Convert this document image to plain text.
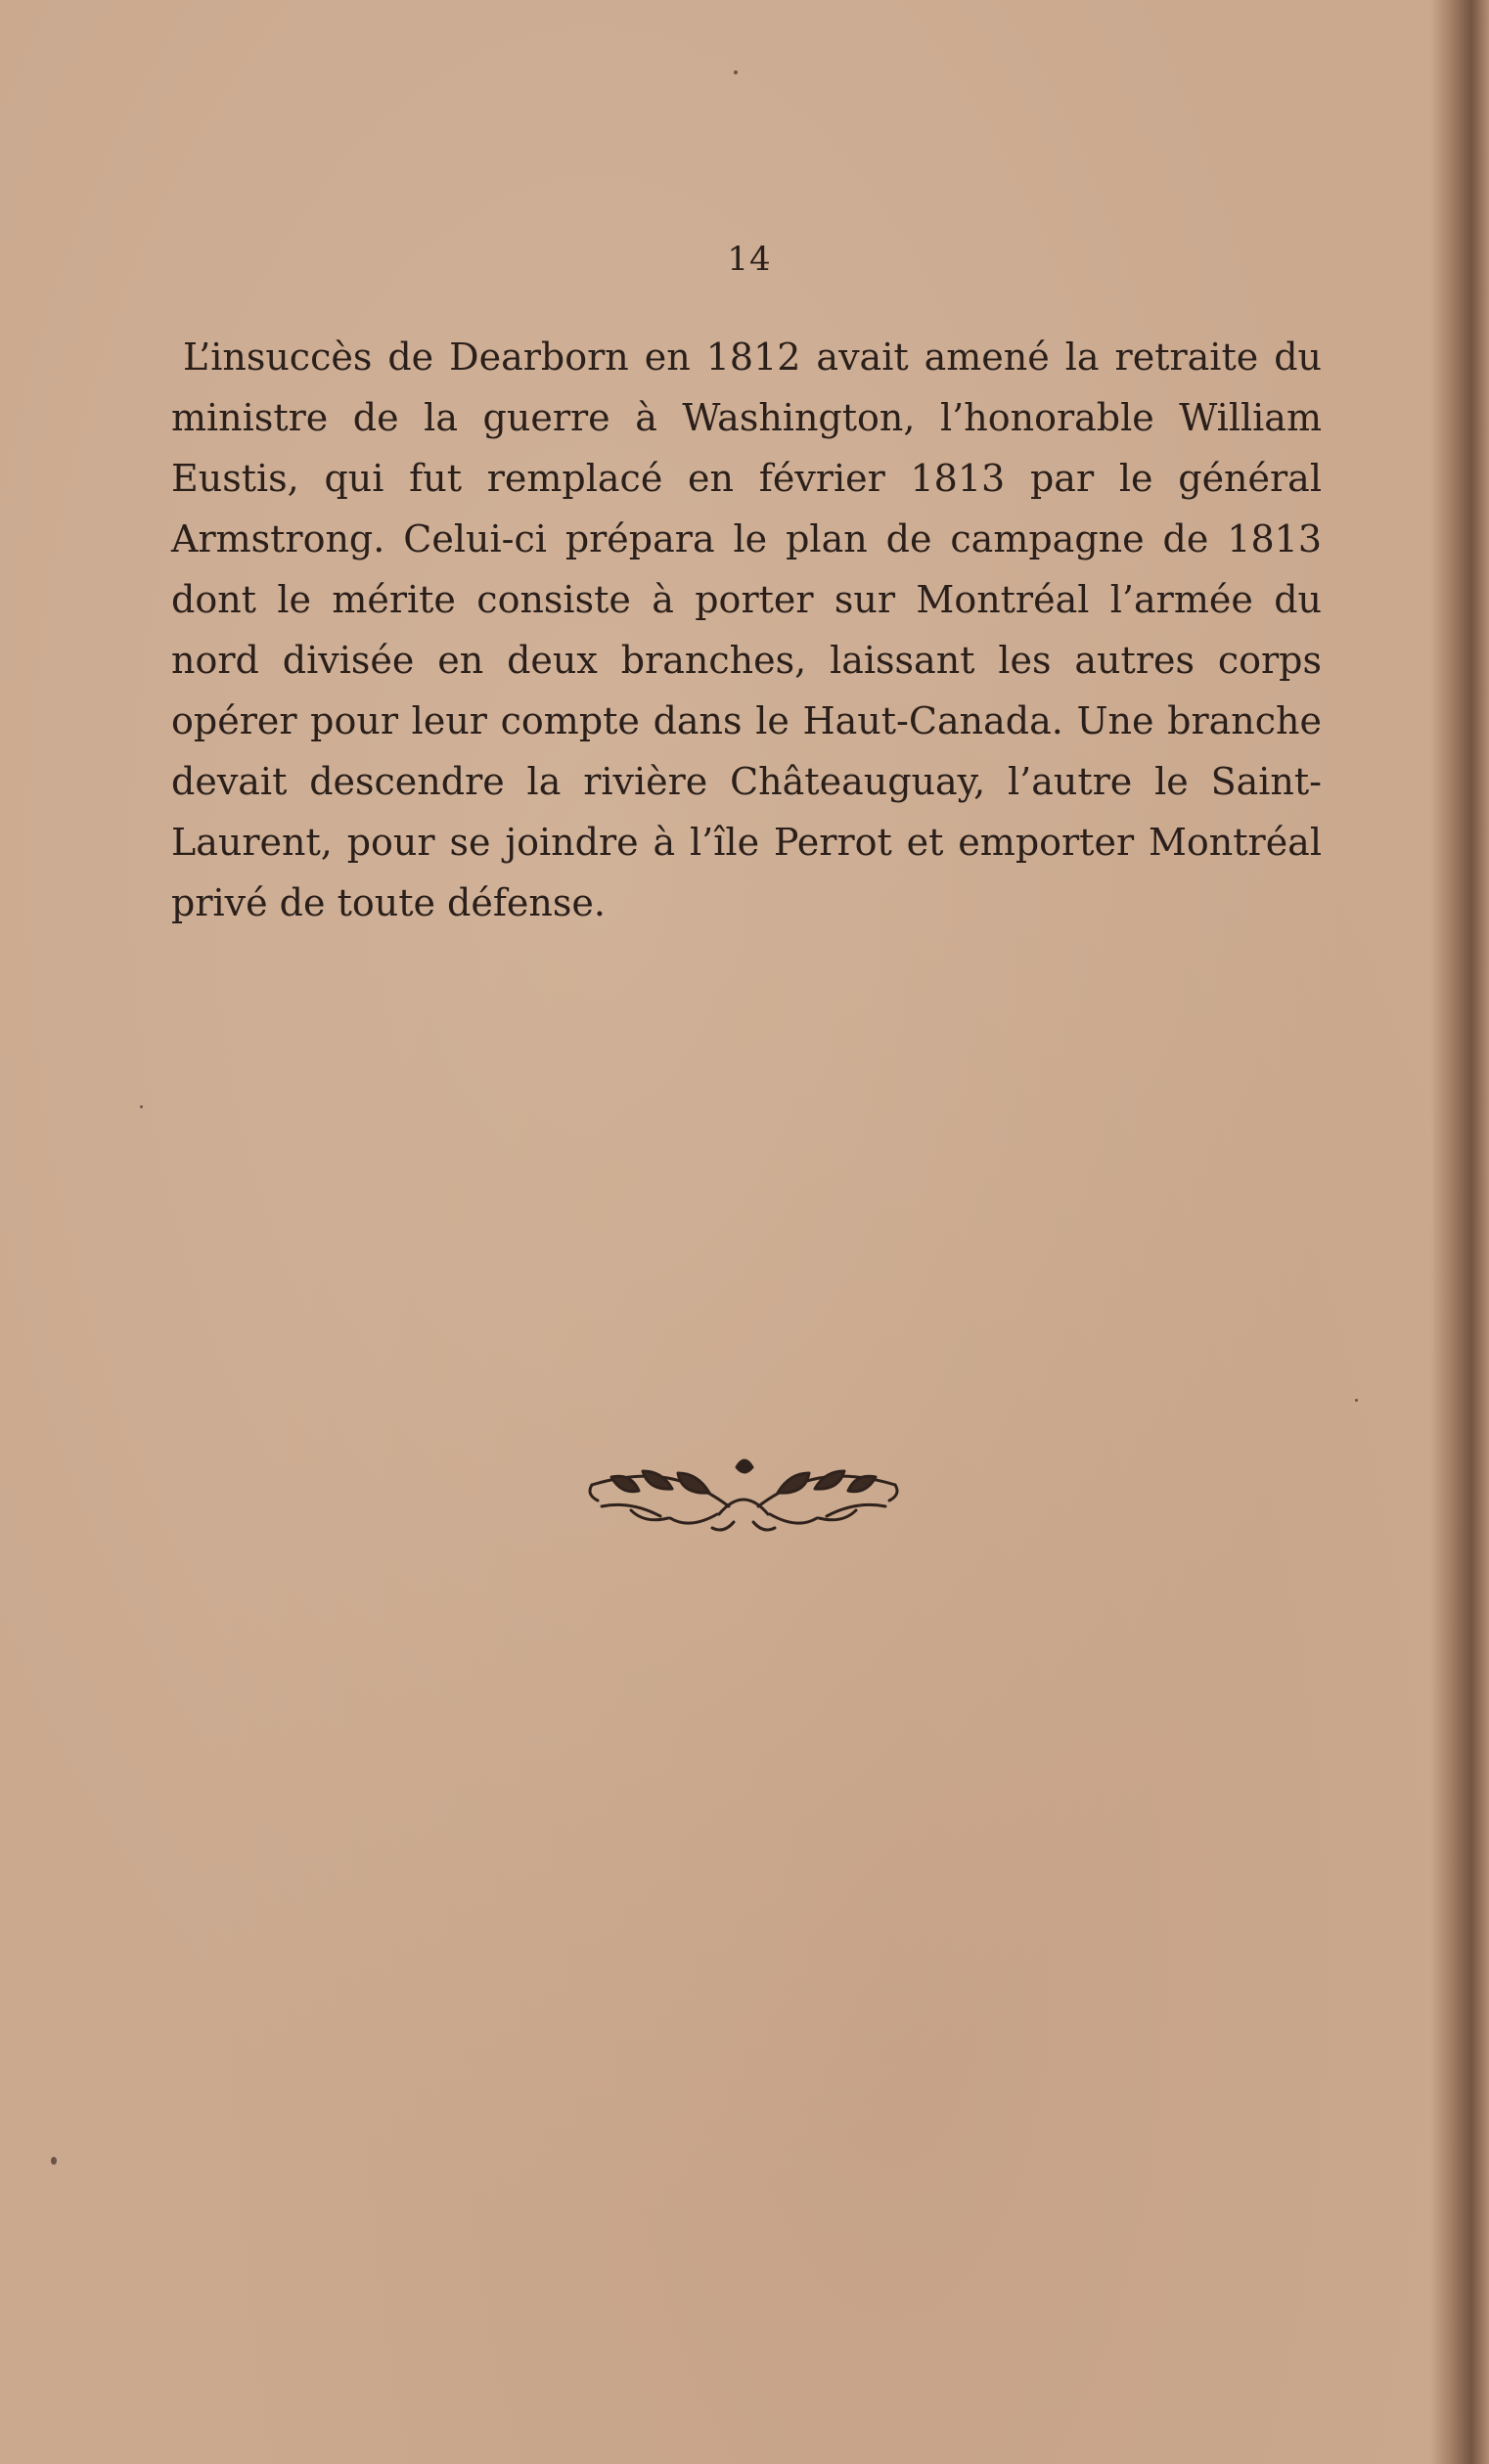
14

L’insuccès de Dearborn en 1812 avait amené la retraite du ministre de la guerre à Washington, l’honorable William Eustis, qui fut remplacé en février 1813 par le général Armstrong. Celui-ci prépara le plan de campagne de 1813 dont le mérite consiste à porter sur Montréal l’armée du nord divisée en deux branches, laissant les autres corps opérer pour leur compte dans le Haut-Canada. Une branche devait descendre la rivière Châteauguay, l’autre le Saint-Laurent, pour se joindre à l’île Perrot et emporter Montréal privé de toute défense.
